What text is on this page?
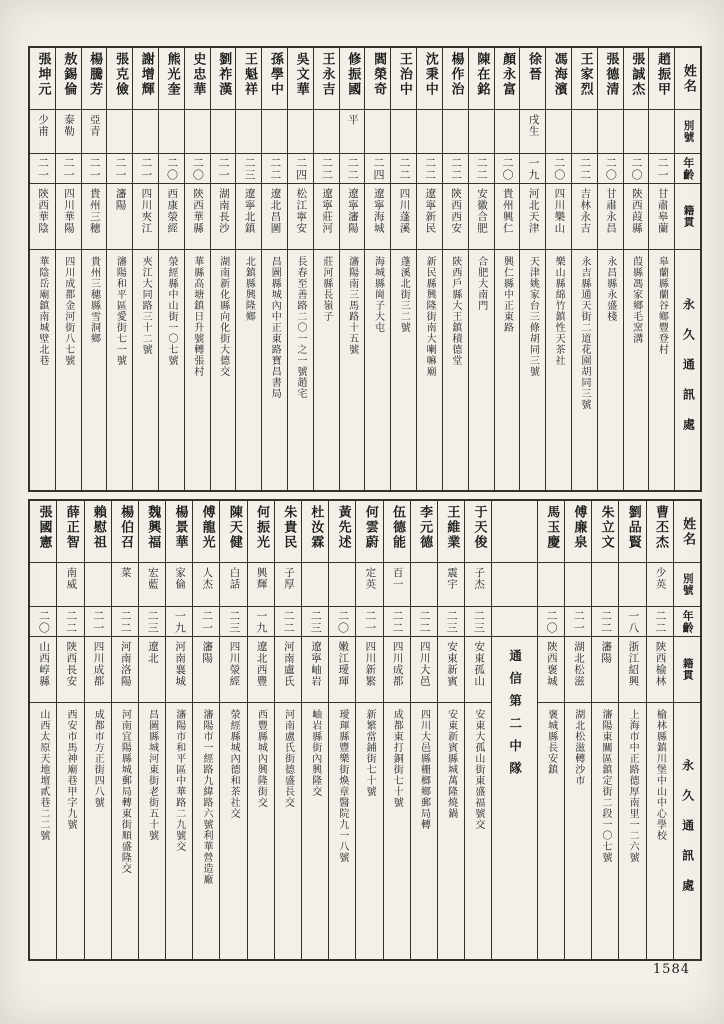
姓名
別號
年齡
籍貫
永久通訊處
趙振甲
二一
甘肅皋蘭
皋蘭縣蘭谷鄉豐登村
張誠杰
二〇
陝西葭縣
葭縣馮家鄉毛窯溝
張德清
二〇
甘肅永昌
永昌縣永盛棧
王家烈
二二
吉林永吉
永吉縣通天街二道花園胡同三號
馮海濱
二〇
四川樂山
樂山縣綿竹鎮性天茶社
徐晉
戌生
一九
河北天津
天津姚家台三條胡同三號
顏永富
二〇
貴州興仁
興仁縣中正東路
陳在銘
二二
安徽合肥
合肥大南門
楊作治
二二
陝西西安
陝西戶縣大王鎮積德堂
沈秉中
二二
遼寧新民
新民縣興隆街南大喇嘛廟
王治中
二二
四川蓬溪
蓬溪北街三二號
閻榮奇
二四
遼寧海城
海城縣崗子大屯
修振國
平
二二
遼寧瀋陽
瀋陽南三馬路十五號
王永吉
二二
遼寧莊河
莊河縣長嶺子
吳文華
二四
松江寧安
長春至善路二〇一之一號趙宅
孫學中
二二
遼北昌圖
昌圖縣城內中正東路寶昌書局
王魁祥
二三
遼寧北鎮
北鎮縣興隆鄉
劉祚漢
二一
湖南長沙
湖南新化縣向化街大德交
史忠華
二〇
陝西華縣
華縣高塘鎮日升號轉張村
熊光奎
二〇
西康滎經
滎經縣中山街一〇七號
謝增輝
二一
四川夾江
夾江大同路三十二號
張克儉
二一
瀋陽
瀋陽和平區愛街七一號
楊騰芳
亞青
二一
貴州三穗
貴州三穗縣雪洞鄉
敖錫倫
泰勒
二一
四川華陽
四川成都金河街八七號
張坤元
少甫
二一
陝西華陰
華陰岳廟鎮南城壁北巷
姓名
別號
年齡
籍貫
永久通訊處
曹丕杰
少英
二二
陝西榆林
榆林縣鎮川堡中山中心學校
劉品賢
一八
浙江紹興
上海市中正路德厚南里一二六號
朱立文
二二
瀋陽
瀋陽東關區鎮定街二段一〇七號
傅廉泉
二一
湖北松滋
湖北松滋轉沙市
馬玉慶
二〇
陝西褒城
褒城縣長安鎮
通信第二中隊
于天俊
子杰
二三
安東孤山
安東大孤山街東盛福號交
王維業
震宇
二三
安東新賓
安東新賓縣城萬隆燒鍋
李元德
二二
四川大邑
四川大邑縣栅榔鄉郵局轉
伍德能
百一
二二
四川成都
成都東打銅街七十號
何雲蔚
定英
二一
四川新繁
新繁當鋪街七十號
黃先述
二〇
嫩江璦琿
璦琿縣豐樂街煥章醫院九一八號
杜汝霖
二三
遼寧岫岩
岫岩縣街內興隆交
朱貴民
子厚
二二
河南盧氏
河南盧氏街德盛長交
何振光
興輝
一九
遼北西豐
西豐縣城內興隆街交
陳天健
白話
二三
四川滎經
滎經縣城內德和茶社交
傅龍光
人杰
二一
瀋陽
瀋陽市一經路九緯路六號利華營造廠
楊景華
家倫
一九
河南襄城
瀋陽市和平區中華路二九號交
魏興福
宏藍
二三
遼北
昌圖縣城河東街老街五十號
楊伯召
菜
二二
河南洛陽
河南宜陽縣城郵局轉東街順盛隆交
賴慰祖
二一
四川成都
成都市方正街四八號
薛正智
南威
二二
陝西長安
西安市馬神廟巷甲字九號
張國憲
二〇
山西崞縣
山西太原天地壇貳巷二二號
1584
